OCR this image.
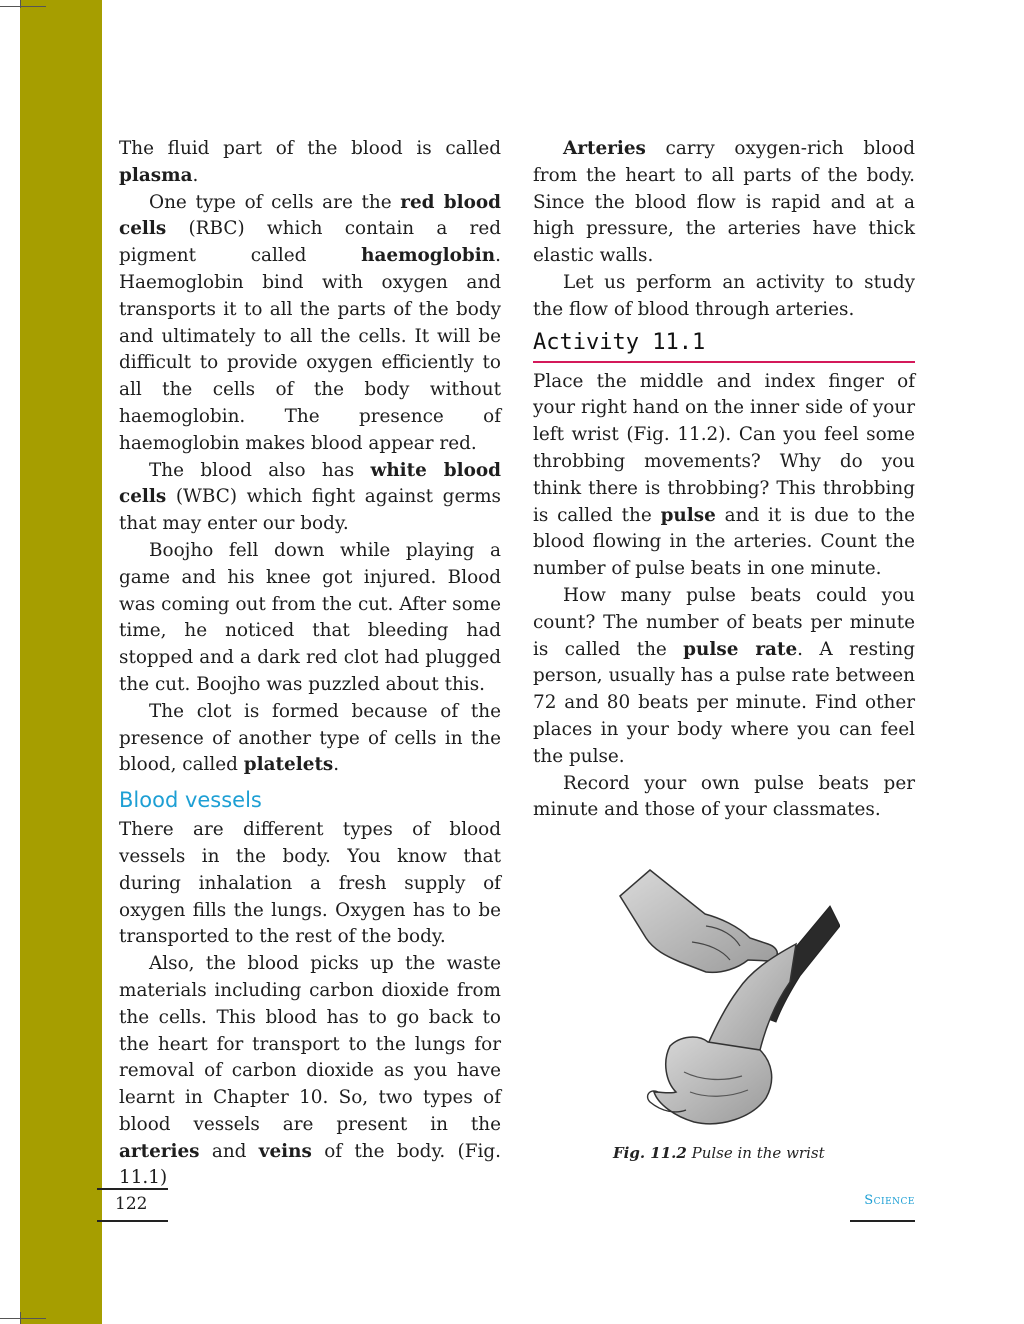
The fluid part of the blood is called plasma.

One type of cells are the red blood cells (RBC) which contain a red pigment called haemoglobin. Haemoglobin bind with oxygen and transports it to all the parts of the body and ultimately to all the cells. It will be difficult to provide oxygen efficiently to all the cells of the body without haemoglobin. The presence of haemoglobin makes blood appear red.

The blood also has white blood cells (WBC) which fight against germs that may enter our body.

Boojho fell down while playing a game and his knee got injured. Blood was coming out from the cut. After some time, he noticed that bleeding had stopped and a dark red clot had plugged the cut. Boojho was puzzled about this.

The clot is formed because of the presence of another type of cells in the blood, called platelets.

Blood vessels

There are different types of blood vessels in the body. You know that during inhalation a fresh supply of oxygen fills the lungs. Oxygen has to be transported to the rest of the body.

Also, the blood picks up the waste materials including carbon dioxide from the cells. This blood has to go back to the heart for transport to the lungs for removal of carbon dioxide as you have learnt in Chapter 10. So, two types of blood vessels are present in the arteries and veins of the body. (Fig. 11.1)

Arteries carry oxygen-rich blood from the heart to all parts of the body. Since the blood flow is rapid and at a high pressure, the arteries have thick elastic walls.

Let us perform an activity to study the flow of blood through arteries.

Activity 11.1

Place the middle and index finger of your right hand on the inner side of your left wrist (Fig. 11.2). Can you feel some throbbing movements? Why do you think there is throbbing? This throbbing is called the pulse and it is due to the blood flowing in the arteries. Count the number of pulse beats in one minute.

How many pulse beats could you count? The number of beats per minute is called the pulse rate. A resting person, usually has a pulse rate between 72 and 80 beats per minute. Find other places in your body where you can feel the pulse.

Record your own pulse beats per minute and those of your classmates.

Fig. 11.2 Pulse in the wrist
122	Science
